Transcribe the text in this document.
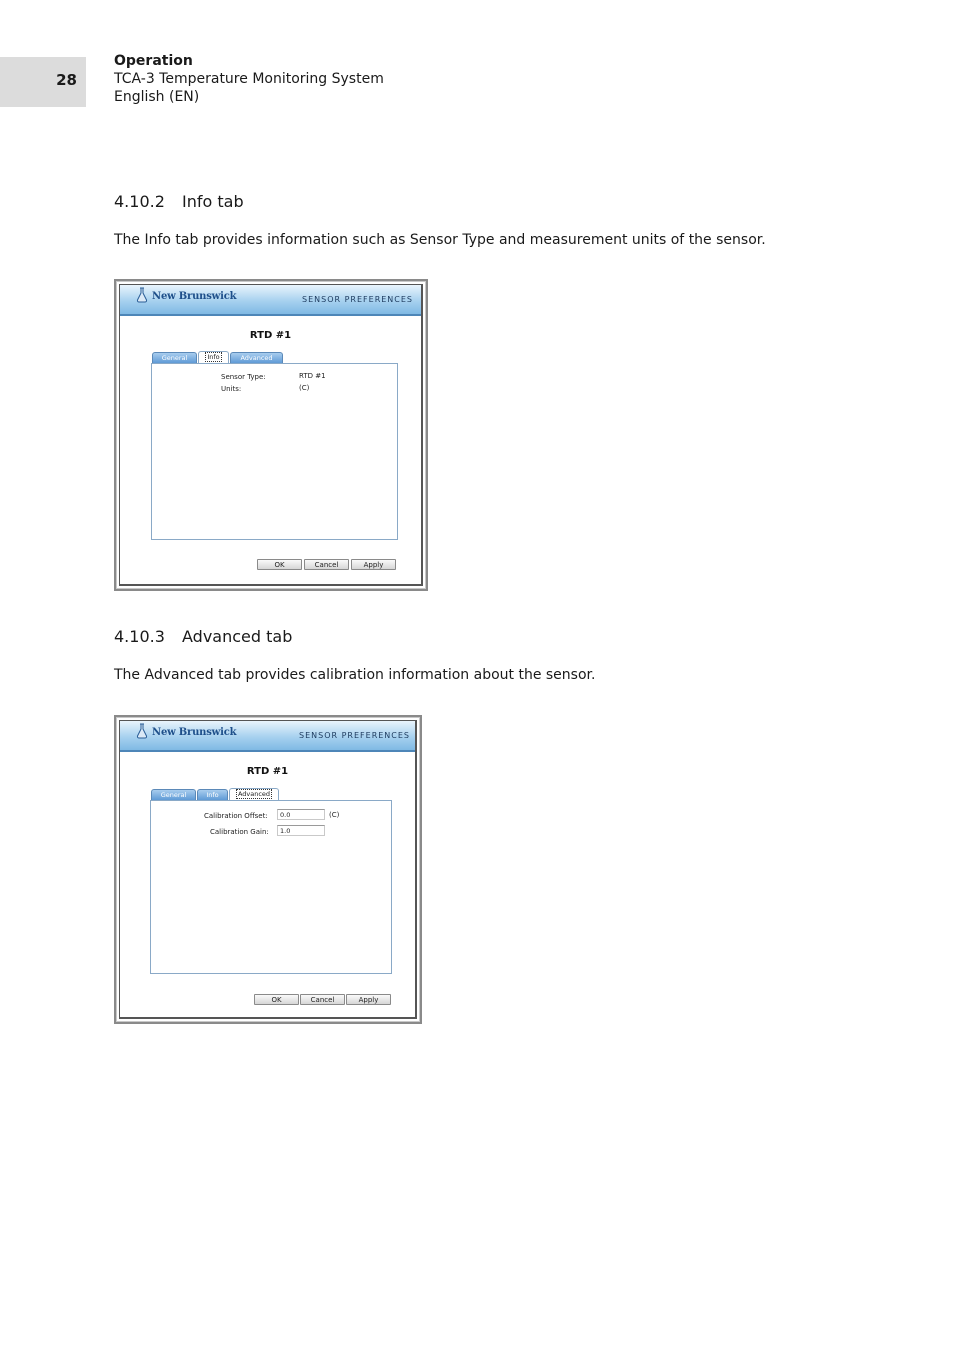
28
Operation
TCA-3 Temperature Monitoring System
English (EN)
4.10.2 Info tab
The Info tab provides information such as Sensor Type and measurement units of the sensor.
New Brunswick	SENSOR PREFERENCES
RTD #1
General	Info	Advanced
Sensor Type:	RTD #1
Units:	(C)
OK	Cancel	Apply
4.10.3 Advanced tab
The Advanced tab provides calibration information about the sensor.
New Brunswick	SENSOR PREFERENCES
RTD #1
General	Info	Advanced
Calibration Offset:	0.0	(C)
Calibration Gain:	1.0
OK	Cancel	Apply
